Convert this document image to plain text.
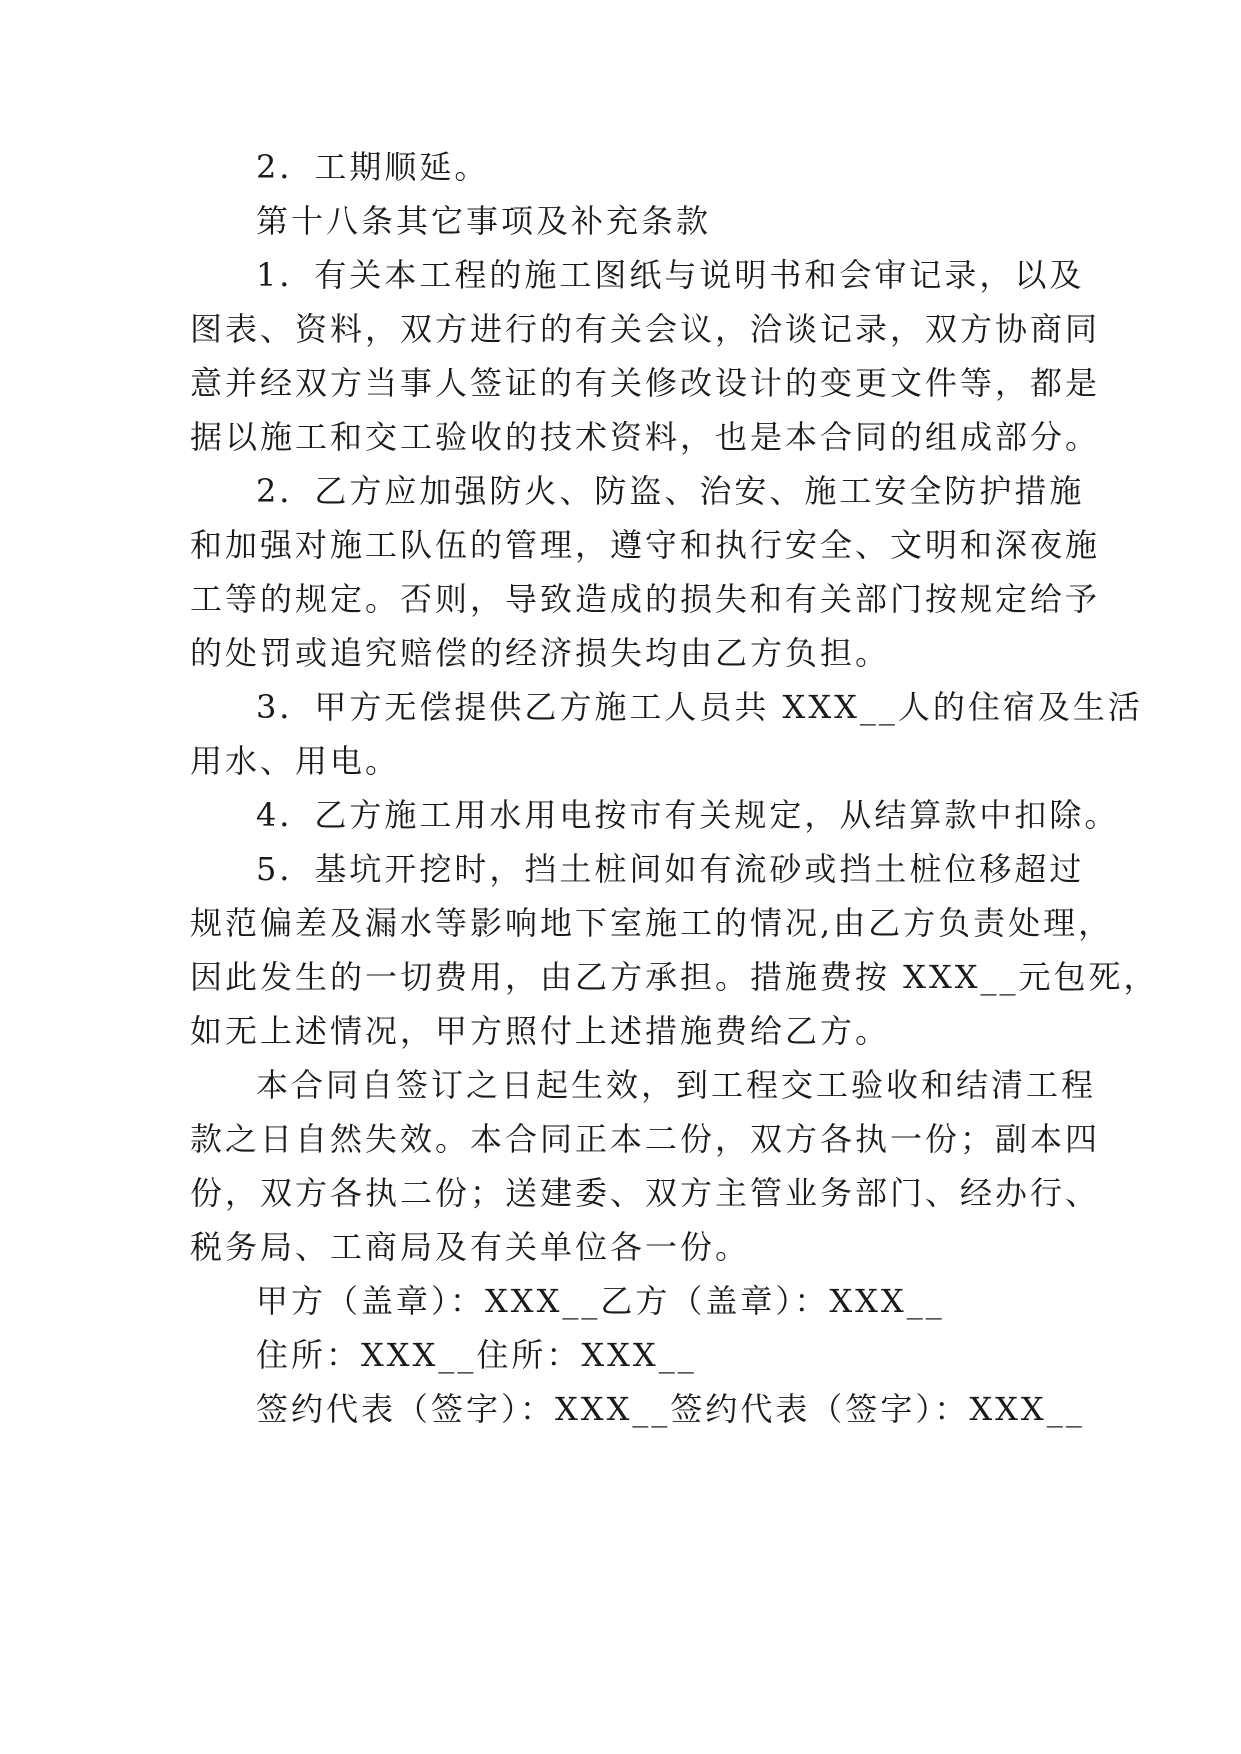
2．工期顺延。
第十八条其它事项及补充条款
1．有关本工程的施工图纸与说明书和会审记录，以及
图表、资料，双方进行的有关会议，洽谈记录，双方协商同
意并经双方当事人签证的有关修改设计的变更文件等，都是
据以施工和交工验收的技术资料，也是本合同的组成部分。
2．乙方应加强防火、防盗、治安、施工安全防护措施
和加强对施工队伍的管理，遵守和执行安全、文明和深夜施
工等的规定。否则，导致造成的损失和有关部门按规定给予
的处罚或追究赔偿的经济损失均由乙方负担。
3．甲方无偿提供乙方施工人员共 XXX__人的住宿及生活
用水、用电。
4．乙方施工用水用电按市有关规定，从结算款中扣除。
5．基坑开挖时，挡土桩间如有流砂或挡土桩位移超过
规范偏差及漏水等影响地下室施工的情况,由乙方负责处理，
因此发生的一切费用，由乙方承担。措施费按 XXX__元包死，
如无上述情况，甲方照付上述措施费给乙方。
本合同自签订之日起生效，到工程交工验收和结清工程
款之日自然失效。本合同正本二份，双方各执一份；副本四
份，双方各执二份；送建委、双方主管业务部门、经办行、
税务局、工商局及有关单位各一份。
甲方（盖章）：XXX__乙方（盖章）：XXX__
住所：XXX__住所：XXX__
签约代表（签字）：XXX__签约代表（签字）：XXX__
